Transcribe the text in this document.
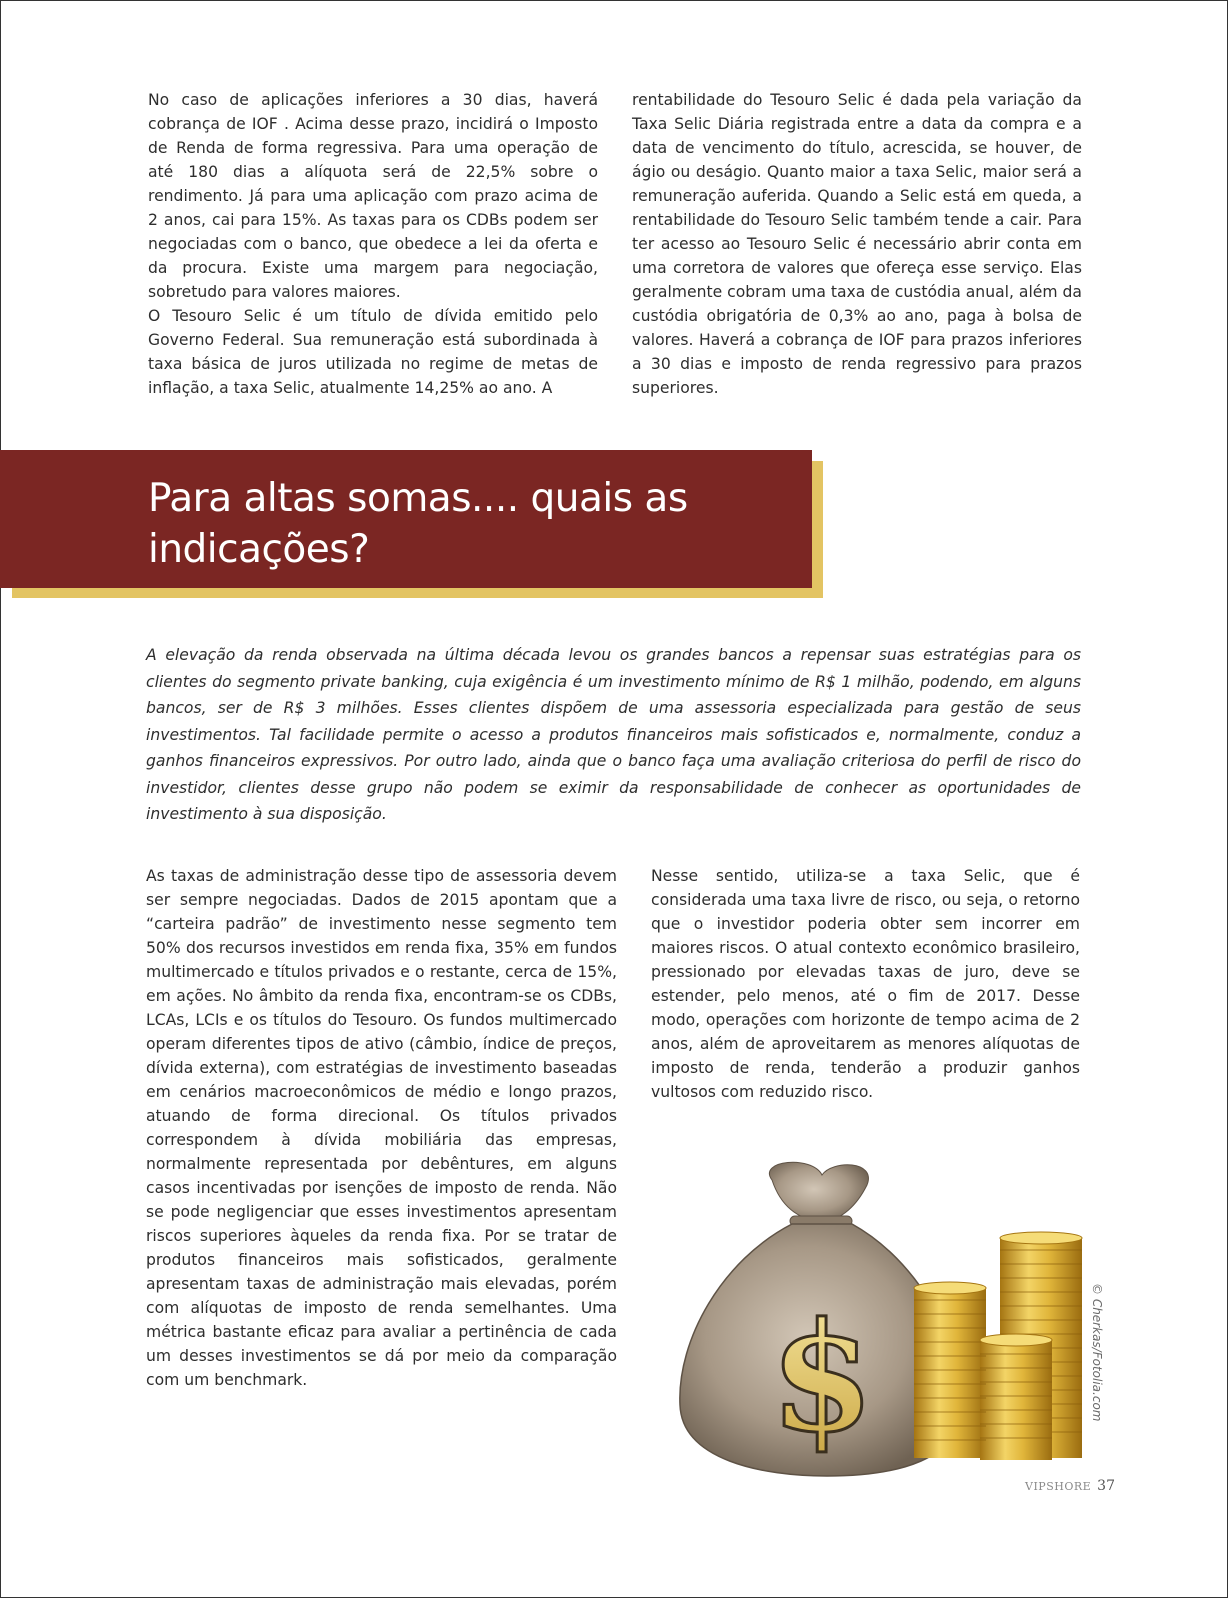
No caso de aplicações inferiores a 30 dias, haverá cobrança de IOF . Acima desse prazo, incidirá o Imposto de Renda de forma regressiva. Para uma operação de até 180 dias a alíquota será de 22,5% sobre o rendimento. Já para uma aplicação com prazo acima de 2 anos, cai para 15%. As taxas para os CDBs podem ser negociadas com o banco, que obedece a lei da oferta e da procura. Existe uma margem para negociação, sobretudo para valores maiores.

O Tesouro Selic é um título de dívida emitido pelo Governo Federal. Sua remuneração está subordinada à taxa básica de juros utilizada no regime de metas de inflação, a taxa Selic, atualmente 14,25% ao ano. A

rentabilidade do Tesouro Selic é dada pela variação da Taxa Selic Diária registrada entre a data da compra e a data de vencimento do título, acrescida, se houver, de ágio ou deságio. Quanto maior a taxa Selic, maior será a remuneração auferida. Quando a Selic está em queda, a rentabilidade do Tesouro Selic também tende a cair. Para ter acesso ao Tesouro Selic é necessário abrir conta em uma corretora de valores que ofereça esse serviço. Elas geralmente cobram uma taxa de custódia anual, além da custódia obrigatória de 0,3% ao ano, paga à bolsa de valores. Haverá a cobrança de IOF para prazos inferiores a 30 dias e imposto de renda regressivo para prazos superiores.

Para altas somas.... quais as indicações?

A elevação da renda observada na última década levou os grandes bancos a repensar suas estratégias para os clientes do segmento private banking, cuja exigência é um investimento mínimo de R$ 1 milhão, podendo, em alguns bancos, ser de R$ 3 milhões. Esses clientes dispõem de uma assessoria especializada para gestão de seus investimentos. Tal facilidade permite o acesso a produtos financeiros mais sofisticados e, normalmente, conduz a ganhos financeiros expressivos. Por outro lado, ainda que o banco faça uma avaliação criteriosa do perfil de risco do investidor, clientes desse grupo não podem se eximir da responsabilidade de conhecer as oportunidades de investimento à sua disposição.

As taxas de administração desse tipo de assessoria devem ser sempre negociadas. Dados de 2015 apontam que a “carteira padrão” de investimento nesse segmento tem 50% dos recursos investidos em renda fixa, 35% em fundos multimercado e títulos privados e o restante, cerca de 15%, em ações. No âmbito da renda fixa, encontram-se os CDBs, LCAs, LCIs e os títulos do Tesouro. Os fundos multimercado operam diferentes tipos de ativo (câmbio, índice de preços, dívida externa), com estratégias de investimento baseadas em cenários macroeconômicos de médio e longo prazos, atuando de forma direcional. Os títulos privados correspondem à dívida mobiliária das empresas, normalmente representada por debêntures, em alguns casos incentivadas por isenções de imposto de renda. Não se pode negligenciar que esses investimentos apresentam riscos superiores àqueles da renda fixa. Por se tratar de produtos financeiros mais sofisticados, geralmente apresentam taxas de administração mais elevadas, porém com alíquotas de imposto de renda semelhantes. Uma métrica bastante eficaz para avaliar a pertinência de cada um desses investimentos se dá por meio da comparação com um benchmark.

Nesse sentido, utiliza-se a taxa Selic, que é considerada uma taxa livre de risco, ou seja, o retorno que o investidor poderia obter sem incorrer em maiores riscos. O atual contexto econômico brasileiro, pressionado por elevadas taxas de juro, deve se estender, pelo menos, até o fim de 2017. Desse modo, operações com horizonte de tempo acima de 2 anos, além de aproveitarem as menores alíquotas de imposto de renda, tenderão a produzir ganhos vultosos com reduzido risco.

$	© Cherkas/Fotolia.com
VIPSHORE 37
